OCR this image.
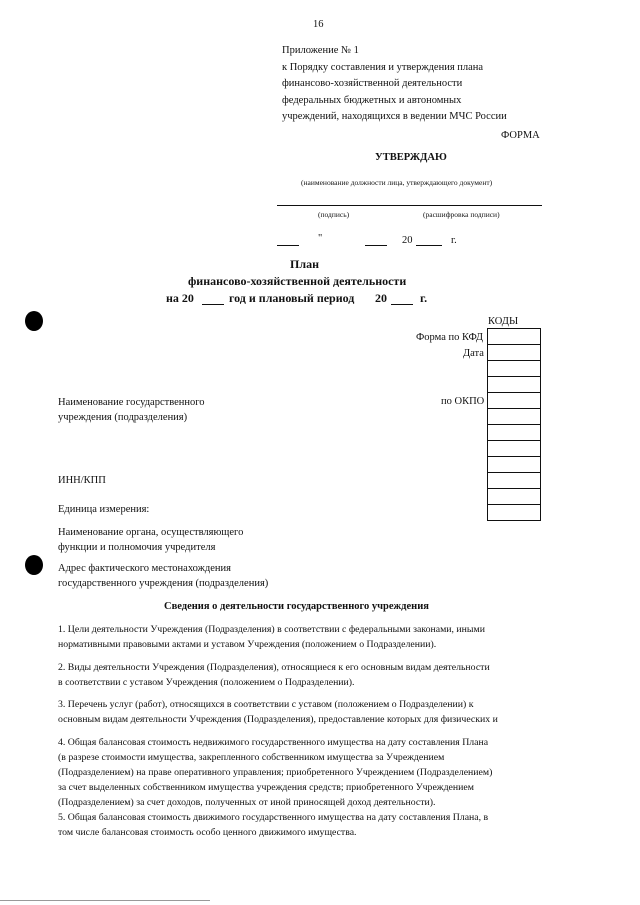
16
Приложение № 1
к Порядку составления и утверждения плана
финансово-хозяйственной деятельности
федеральных бюджетных и автономных
учреждений, находящихся в ведении МЧС России
ФОРМА
УТВЕРЖДАЮ
(наименование должности лица, утверждающего документ)
(подпись)	(расшифровка подписи)
"	20	г.
План
финансово-хозяйственной деятельности
на 20	год и плановый период 20	г.
КОДЫ
Форма по КФД
Дата
по ОКПО
Наименование государственного
учреждения (подразделения)
ИНН/КПП
Единица измерения:
Наименование органа, осуществляющего
функции и полномочия учредителя
Адрес фактического местонахождения
государственного учреждения (подразделения)
Сведения о деятельности государственного учреждения
1. Цели деятельности Учреждения (Подразделения) в соответствии с федеральными законами, иными
нормативными правовыми актами и уставом Учреждения (положением о Подразделении).
2. Виды деятельности Учреждения (Подразделения), относящиеся к его основным видам деятельности
в соответствии с уставом Учреждения (положением о Подразделении).
3. Перечень услуг (работ), относящихся в соответствии с уставом (положением о Подразделении) к
основным видам деятельности Учреждения (Подразделения), предоставление которых для физических и
4. Общая балансовая стоимость недвижимого государственного имущества на дату составления Плана
(в разрезе стоимости имущества, закрепленного собственником имущества за Учреждением
(Подразделением) на праве оперативного управления; приобретенного Учреждением (Подразделением)
за счет выделенных собственником имущества учреждения средств; приобретенного Учреждением
(Подразделением) за счет доходов, полученных от иной приносящей доход деятельности).
5. Общая балансовая стоимость движимого государственного имущества на дату составления Плана, в
том числе балансовая стоимость особо ценного движимого имущества.
